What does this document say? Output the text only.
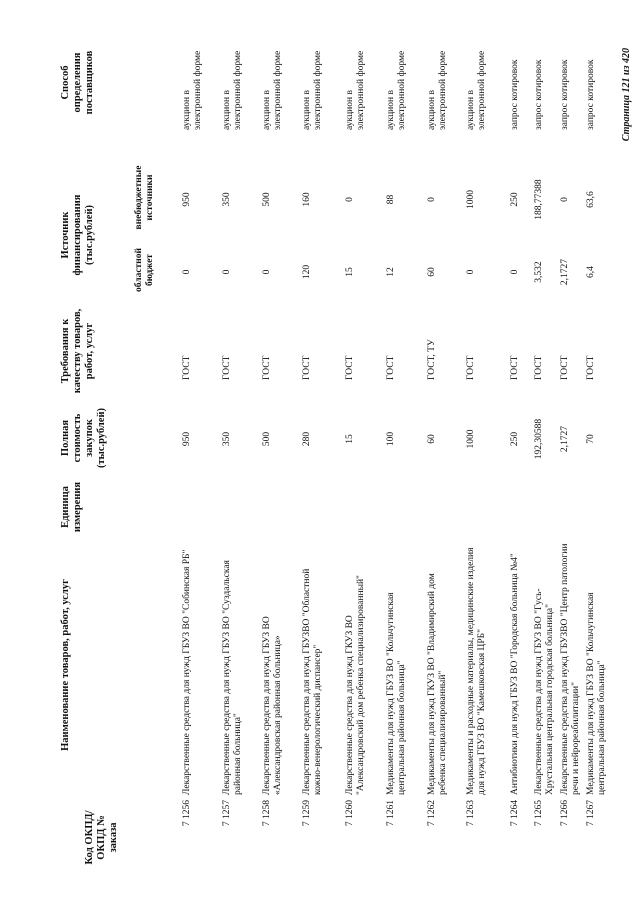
Код ОКПД/ ОКПД № заказа
Наименование товаров, работ, услуг
Единица измерения
Полная стоимость закупок (тыс.рублей)
Требования к качеству товаров, работ, услуг
Источник финансирования (тыс.рублей)
областной бюджет
внебюджетные источники
Способ определения поставщиков
7 1256
Лекарственные средства для нужд ГБУЗ ВО "Собинская РБ"
950
ГОСТ
0
950
аукцион в электронной форме
7 1257
Лекарственные средства для нужд ГБУЗ ВО "Суздальская районная больница"
350
ГОСТ
0
350
аукцион в электронной форме
7 1258
Лекарственные средства для нужд ГБУЗ ВО «Александровская районная больница»
500
ГОСТ
0
500
аукцион в электронной форме
7 1259
Лекарственные средства для нужд ГБУЗВО "Областной кожно-венерологический диспансер"
280
ГОСТ
120
160
аукцион в электронной форме
7 1260
Лекарственные средства для нужд ГКУЗ ВО "Александровский дом ребенка специализированный"
15
ГОСТ
15
0
аукцион в электронной форме
7 1261
Медикаменты для нужд ГБУЗ ВО "Кольчугинская центральная районная больница"
100
ГОСТ
12
88
аукцион в электронной форме
7 1262
Медикаменты для нужд ГКУЗ ВО "Владимирский дом ребенка специализированный"
60
ГОСТ, ТУ
60
0
аукцион в электронной форме
7 1263
Медикаменты и расходные материалы, медицинские изделия для нужд ГБУЗ ВО "Камешковская ЦРБ"
1000
ГОСТ
0
1000
аукцион в электронной форме
7 1264
Антибиотики для нужд ГБУЗ ВО "Городская больница №4"
250
ГОСТ
0
250
запрос котировок
7 1265
Лекарственные средства для нужд ГБУЗ ВО "Гусь-Хрустальная центральная городская больница"
192,30588
ГОСТ
3,532
188,77388
запрос котировок
7 1266
Лекарственные средства для нужд ГБУЗВО "Центр патологии речи и нейрореабилитации"
2,1727
ГОСТ
2,1727
0
запрос котировок
7 1267
Медикаменты для нужд ГБУЗ ВО "Кольчугинская центральная районная больница"
70
ГОСТ
6,4
63,6
запрос котировок	Страница 121 из 420
